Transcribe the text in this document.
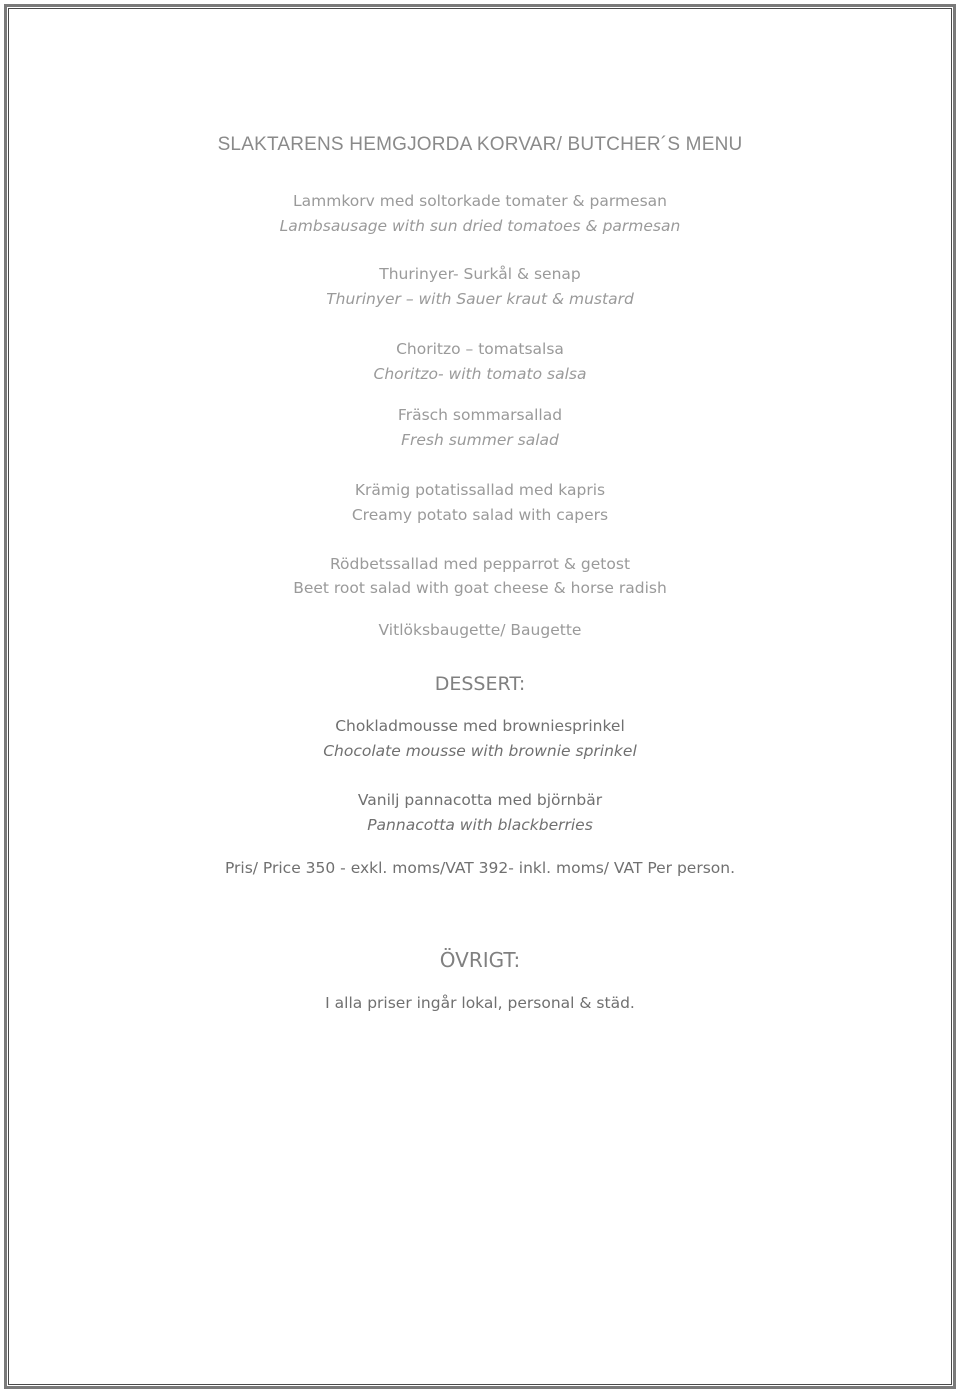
SLAKTARENS HEMGJORDA KORVAR/ BUTCHER´S MENU
Lammkorv med soltorkade tomater & parmesan
Lambsausage with sun dried tomatoes & parmesan
Thurinyer- Surkål & senap
Thurinyer – with Sauer kraut & mustard
Choritzo – tomatsalsa
Choritzo- with tomato salsa
Fräsch sommarsallad
Fresh summer salad
Krämig potatissallad med kapris
Creamy potato salad with capers
Rödbetssallad med pepparrot & getost
Beet root salad with goat cheese & horse radish
Vitlöksbaugette/ Baugette
DESSERT:
Chokladmousse med browniesprinkel
Chocolate mousse with brownie sprinkel
Vanilj pannacotta med björnbär
Pannacotta with blackberries
Pris/ Price 350 - exkl. moms/VAT 392- inkl. moms/ VAT Per person.
ÖVRIGT:
I alla priser ingår lokal, personal & städ.
